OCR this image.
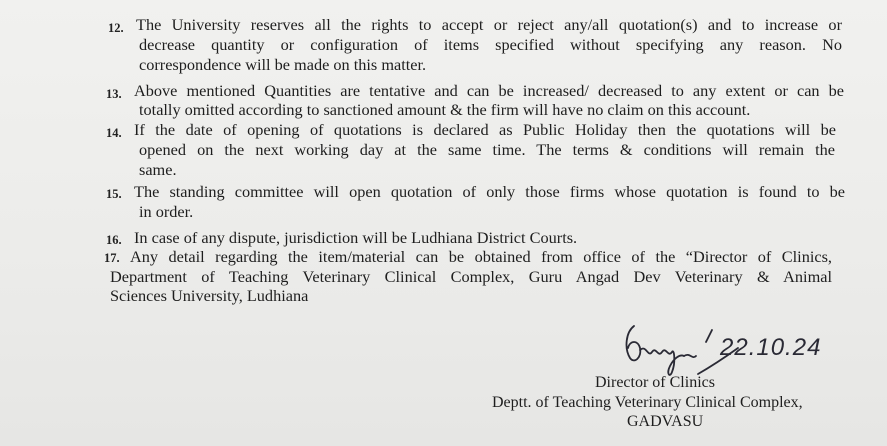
12. The University reserves all the rights to accept or reject any/all quotation(s) and to increase or
decrease quantity or configuration of items specified without specifying any reason. No
correspondence will be made on this matter.
13. Above mentioned Quantities are tentative and can be increased/ decreased to any extent or can be
totally omitted according to sanctioned amount & the firm will have no claim on this account.
14. If the date of opening of quotations is declared as Public Holiday then the quotations will be
opened on the next working day at the same time. The terms & conditions will remain the
same.
15. The standing committee will open quotation of only those firms whose quotation is found to be
in order.
16. In case of any dispute, jurisdiction will be Ludhiana District Courts.
17. Any detail regarding the item/material can be obtained from office of the “Director of Clinics,
Department of Teaching Veterinary Clinical Complex, Guru Angad Dev Veterinary & Animal
Sciences University, Ludhiana
22.10.24
Director of Clinics
Deptt. of Teaching Veterinary Clinical Complex,
GADVASU
